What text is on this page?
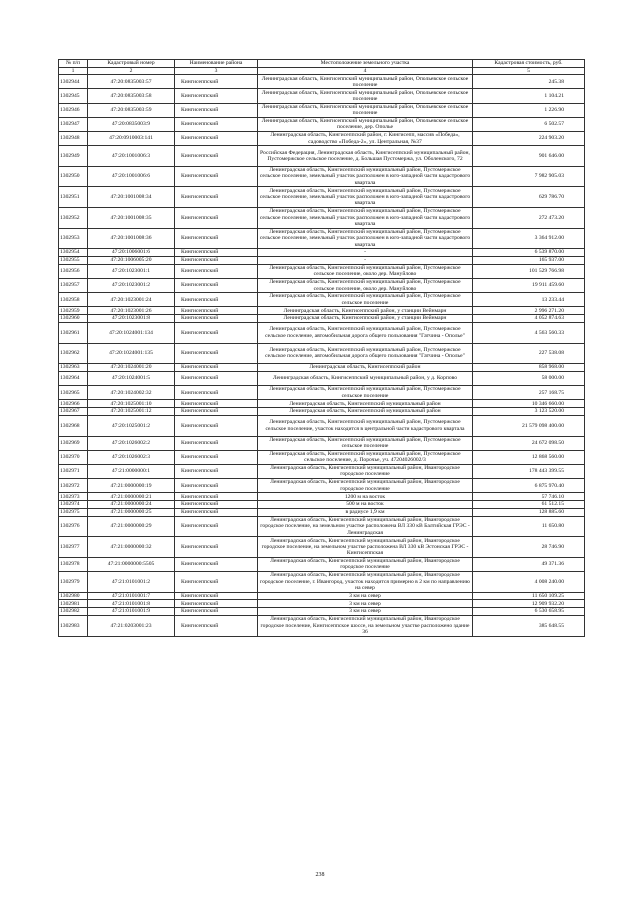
№ п/п	Кадастровый номер	Наименование района	Местоположение земельного участка	Кадастровая стоимость, руб.
1	2	3	4	5
1302944	47:20:0835003:57	Кингисеппский	Ленинградская область, Кингисеппский муниципальный район, Опольевское сельское поселение	245.38
1302945	47:20:0835003:58	Кингисеппский	Ленинградская область, Кингисеппский муниципальный район, Опольевское сельское поселение	1 104.21
1302946	47:20:0835003:59	Кингисеппский	Ленинградская область, Кингисеппский муниципальный район, Опольевское сельское поселение	1 226.90
1302947	47:20:0835003:9	Кингисеппский	Ленинградская область, Кингисеппский муниципальный район, Опольевское сельское поселение, дер. Ополье	6 502.57
1302948	47:20:0910003:141	Кингисеппский	Ленинградская область, Кингисеппский район, г. Кингисепп, массив «Победа», садоводство «Победа-2», ул. Центральная, №37	224 903.20
1302949	47:20:1001006:3	Кингисеппский	Российская Федерация, Ленинградская область, Кингисеппский муниципальный район, Пустомержское сельское поселение, д. Большая Пустомержа, ул. Оболенского, 72	901 646.00
1302950	47:20:1001006:6	Кингисеппский	Ленинградская область, Кингисеппский муниципальный район, Пустомержское сельское поселение, земельный участок расположен в юго-западной части кадастрового квартала	7 982 905.03
1302951	47:20:1001008:34	Кингисеппский	Ленинградская область, Кингисеппский муниципальный район, Пустомержское сельское поселение, земельный участок расположен в юго-западной части кадастрового квартала	629 786.70
1302952	47:20:1001008:35	Кингисеппский	Ленинградская область, Кингисеппский муниципальный район, Пустомержское сельское поселение, земельный участок расположен в юго-западной части кадастрового квартала	272 473.20
1302953	47:20:1001008:36	Кингисеппский	Ленинградская область, Кингисеппский муниципальный район, Пустомержское сельское поселение, земельный участок расположен в юго-западной части кадастрового квартала	3 364 912.00
1302954	47:20:1006001:6	Кингисеппский	-	6 539 870.00
1302955	47:20:1006005:20	Кингисеппский	-	165 937.00
1302956	47:20:1023001:1	Кингисеппский	Ленинградская область, Кингисеппский муниципальный район, Пустомержское сельское поселение, около дер. Мануйлово	101 529 766.98
1302957	47:20:1023001:2	Кингисеппский	Ленинградская область, Кингисеппский муниципальный район, Пустомержское сельское поселение, около дер. Мануйлово	19 911 459.60
1302958	47:20:1023001:24	Кингисеппский	Ленинградская область, Кингисеппский муниципальный район, Пустомержское сельское поселение	13 233.44
1302959	47:20:1023001:26	Кингисеппский	Ленинградская область, Кингисеппский район, у станции Вейнмарн	2 996 271.20
1302960	47:20:1023001:8	Кингисеппский	Ленинградская область, Кингисеппский район, у станции Вейнмарн	4 052 874.63
1302961	47:20:1024001:134	Кингисеппский	Ленинградская область, Кингисеппский муниципальный район, Пустомержское сельское поселение, автомобильная дорога общего пользования "Гатчина - Ополье"	4 563 560.33
1302962	47:20:1024001:135	Кингисеппский	Ленинградская область, Кингисеппский муниципальный район, Пустомержское сельское поселение, автомобильная дорога общего пользования "Гатчина - Ополье"	227 538.08
1302963	47:20:1024001:20	Кингисеппский	Ленинградская область, Кингисеппский район	858 968.00
1302964	47:20:1024001:5	Кингисеппский	Ленинградская область, Кингисеппский муниципальный район, у д. Корпово	58 000.00
1302965	47:20:1024002:32	Кингисеппский	Ленинградская область, Кингисеппский муниципальный район, Пустомержское сельское поселение	257 168.75
1302966	47:20:1025001:10	Кингисеппский	Ленинградская область, Кингисеппский муниципальный район	10 346 660.00
1302967	47:20:1025001:12	Кингисеппский	Ленинградская область, Кингисеппский муниципальный район	3 123 520.00
1302968	47:20:1025001:2	Кингисеппский	Ленинградская область, Кингисеппский муниципальный район, Пустомержское сельское поселение, участок находится в центральной части кадастрового квартала	21 579 098 400.00
1302969	47:20:1026002:2	Кингисеппский	Ленинградская область, Кингисеппский муниципальный район, Пустомержское сельское поселение	24 672 098.50
1302970	47:20:1026002:3	Кингисеппский	Ленинградская область, Кингисеппский муниципальный район, Пустомержское сельское поселение, д. Порочье, уч. 47204026002/3	12 868 560.00
1302971	47:21:0000000:1	Кингисеппский	Ленинградская область, Кингисеппский муниципальный район, Ивангородское городское поселение	178 443 399.55
1302972	47:21:0000000:19	Кингисеппский	Ленинградская область, Кингисеппский муниципальный район, Ивангородское городское поселение	6 875 970.40
1302973	47:21:0000000:21	Кингисеппский	1200 м на восток	57 746.10
1302974	47:21:0000000:24	Кингисеппский	500 м на восток	61 512.15
1302975	47:21:0000000:25	Кингисеппский	в радиусе 1,9 км	128 885.60
1302976	47:21:0000000:29	Кингисеппский	Ленинградская область, Кингисеппский муниципальный район, Ивангородское городское поселение, на земельном участке расположена ВЛ 330 кВ Балтийская ГРЭС - Ленинградская	11 650.80
1302977	47:21:0000000:32	Кингисеппский	Ленинградская область, Кингисеппский муниципальный район, Ивангородское городское поселение, на земельном участке расположена ВЛ 330 кВ Эстонская ГРЭС - Кингисеппская	28 746.90
1302978	47:21:0000000:5505	Кингисеппский	Ленинградская область, Кингисеппский муниципальный район, Ивангородское городское поселение	49 371.36
1302979	47:21:0101001:2	Кингисеппский	Ленинградская область, Кингисеппский муниципальный район, Ивангородское городское поселение, г. Ивангород, участок находится примерно в 2 км по направлению на север	4 008 240.00
1302980	47:21:0101001:7	Кингисеппский	3 км на север	11 650 109.25
1302981	47:21:0101001:8	Кингисеппский	3 км на север	12 909 932.20
1302982	47:21:0101001:9	Кингисеппский	3 км на север	6 530 658.95
1302983	47:21:0203001:23	Кингисеппский	Ленинградская область, Кингисеппский муниципальный район, Ивангородское городское поселение, Кингисеппское шоссе, на земельном участке расположено здание 36	385 648.55
238
